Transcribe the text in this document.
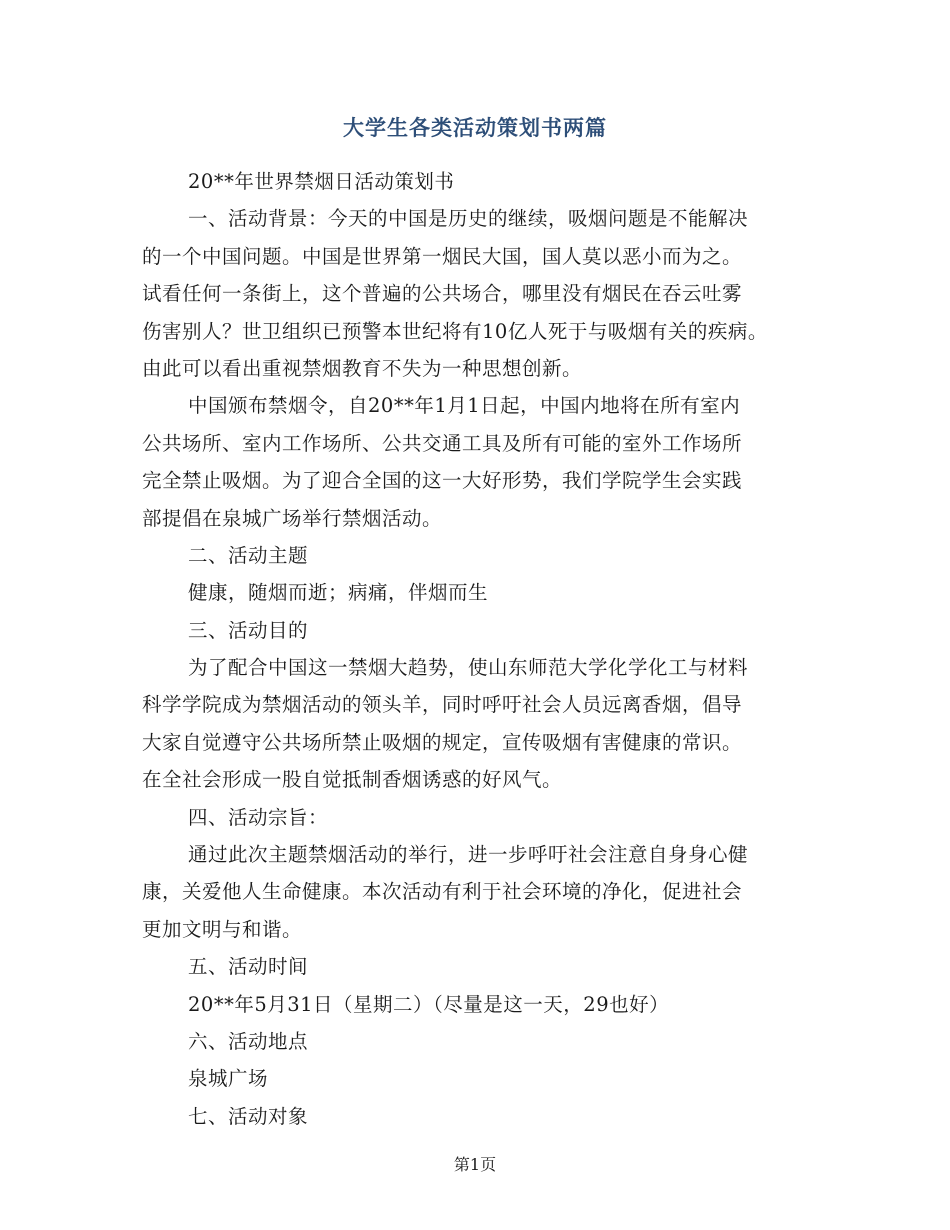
大学生各类活动策划书两篇
20**年世界禁烟日活动策划书
一、活动背景：今天的中国是历史的继续，吸烟问题是不能解决
的一个中国问题。中国是世界第一烟民大国，国人莫以恶小而为之。
试看任何一条街上，这个普遍的公共场合，哪里没有烟民在吞云吐雾
伤害别人？世卫组织已预警本世纪将有10亿人死于与吸烟有关的疾病。
由此可以看出重视禁烟教育不失为一种思想创新。
中国颁布禁烟令，自20**年1月1日起，中国内地将在所有室内
公共场所、室内工作场所、公共交通工具及所有可能的室外工作场所
完全禁止吸烟。为了迎合全国的这一大好形势，我们学院学生会实践
部提倡在泉城广场举行禁烟活动。
二、活动主题
健康，随烟而逝；病痛，伴烟而生
三、活动目的
为了配合中国这一禁烟大趋势，使山东师范大学化学化工与材料
科学学院成为禁烟活动的领头羊，同时呼吁社会人员远离香烟，倡导
大家自觉遵守公共场所禁止吸烟的规定，宣传吸烟有害健康的常识。
在全社会形成一股自觉抵制香烟诱惑的好风气。
四、活动宗旨：
通过此次主题禁烟活动的举行，进一步呼吁社会注意自身身心健
康，关爱他人生命健康。本次活动有利于社会环境的净化，促进社会
更加文明与和谐。
五、活动时间
20**年5月31日（星期二）（尽量是这一天，29也好）
六、活动地点
泉城广场
七、活动对象
第1页
